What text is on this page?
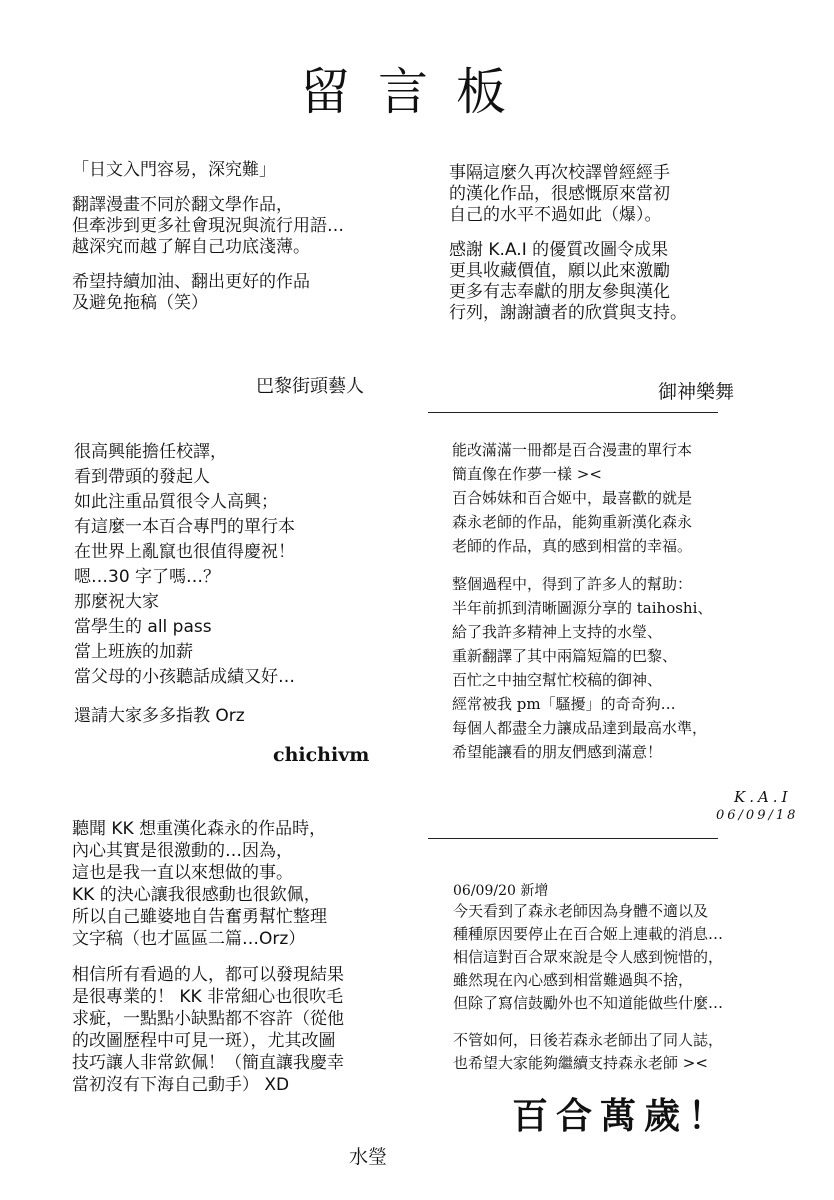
留言板
「日文入門容易，深究難」
翻譯漫畫不同於翻文學作品，
但牽涉到更多社會現況與流行用語…
越深究而越了解自己功底淺薄。
希望持續加油、翻出更好的作品
及避免拖稿（笑）
巴黎街頭藝人
事隔這麼久再次校譯曾經經手
的漢化作品，很感慨原來當初
自己的水平不過如此（爆）。
感謝 K.A.I 的優質改圖令成果
更具收藏價值，願以此來激勵
更多有志奉獻的朋友參與漢化
行列，謝謝讀者的欣賞與支持。
御神樂舞
很高興能擔任校譯，
看到帶頭的發起人
如此注重品質很令人高興；
有這麼一本百合專門的單行本
在世界上亂竄也很值得慶祝！
嗯…30 字了嗎…？
那麼祝大家
當學生的 all pass
當上班族的加薪
當父母的小孩聽話成績又好…
還請大家多多指教 Orz
chichivm
能改滿滿一冊都是百合漫畫的單行本
簡直像在作夢一樣 ><
百合姊妹和百合姬中，最喜歡的就是
森永老師的作品，能夠重新漢化森永
老師的作品，真的感到相當的幸福。
整個過程中，得到了許多人的幫助：
半年前抓到清晰圖源分享的 taihoshi、
給了我許多精神上支持的水瑩、
重新翻譯了其中兩篇短篇的巴黎、
百忙之中抽空幫忙校稿的御神、
經常被我 pm「騷擾」的奇奇狗…
每個人都盡全力讓成品達到最高水準，
希望能讓看的朋友們感到滿意！
K.A.I
06/09/18
聽聞 KK 想重漢化森永的作品時，
內心其實是很激動的…因為，
這也是我一直以來想做的事。
KK 的決心讓我很感動也很欽佩，
所以自己雖婆地自告奮勇幫忙整理
文字稿（也才區區二篇…Orz）
相信所有看過的人，都可以發現結果
是很專業的！ KK 非常細心也很吹毛
求疵，一點點小缺點都不容許（從他
的改圖歷程中可見一斑），尤其改圖
技巧讓人非常欽佩！（簡直讓我慶幸
當初沒有下海自己動手） XD
水瑩
06/09/20 新增
今天看到了森永老師因為身體不適以及
種種原因要停止在百合姬上連載的消息…
相信這對百合眾來說是令人感到惋惜的，
雖然現在內心感到相當難過與不捨，
但除了寫信鼓勵外也不知道能做些什麼…
不管如何，日後若森永老師出了同人誌，
也希望大家能夠繼續支持森永老師 ><
百合萬歲！
